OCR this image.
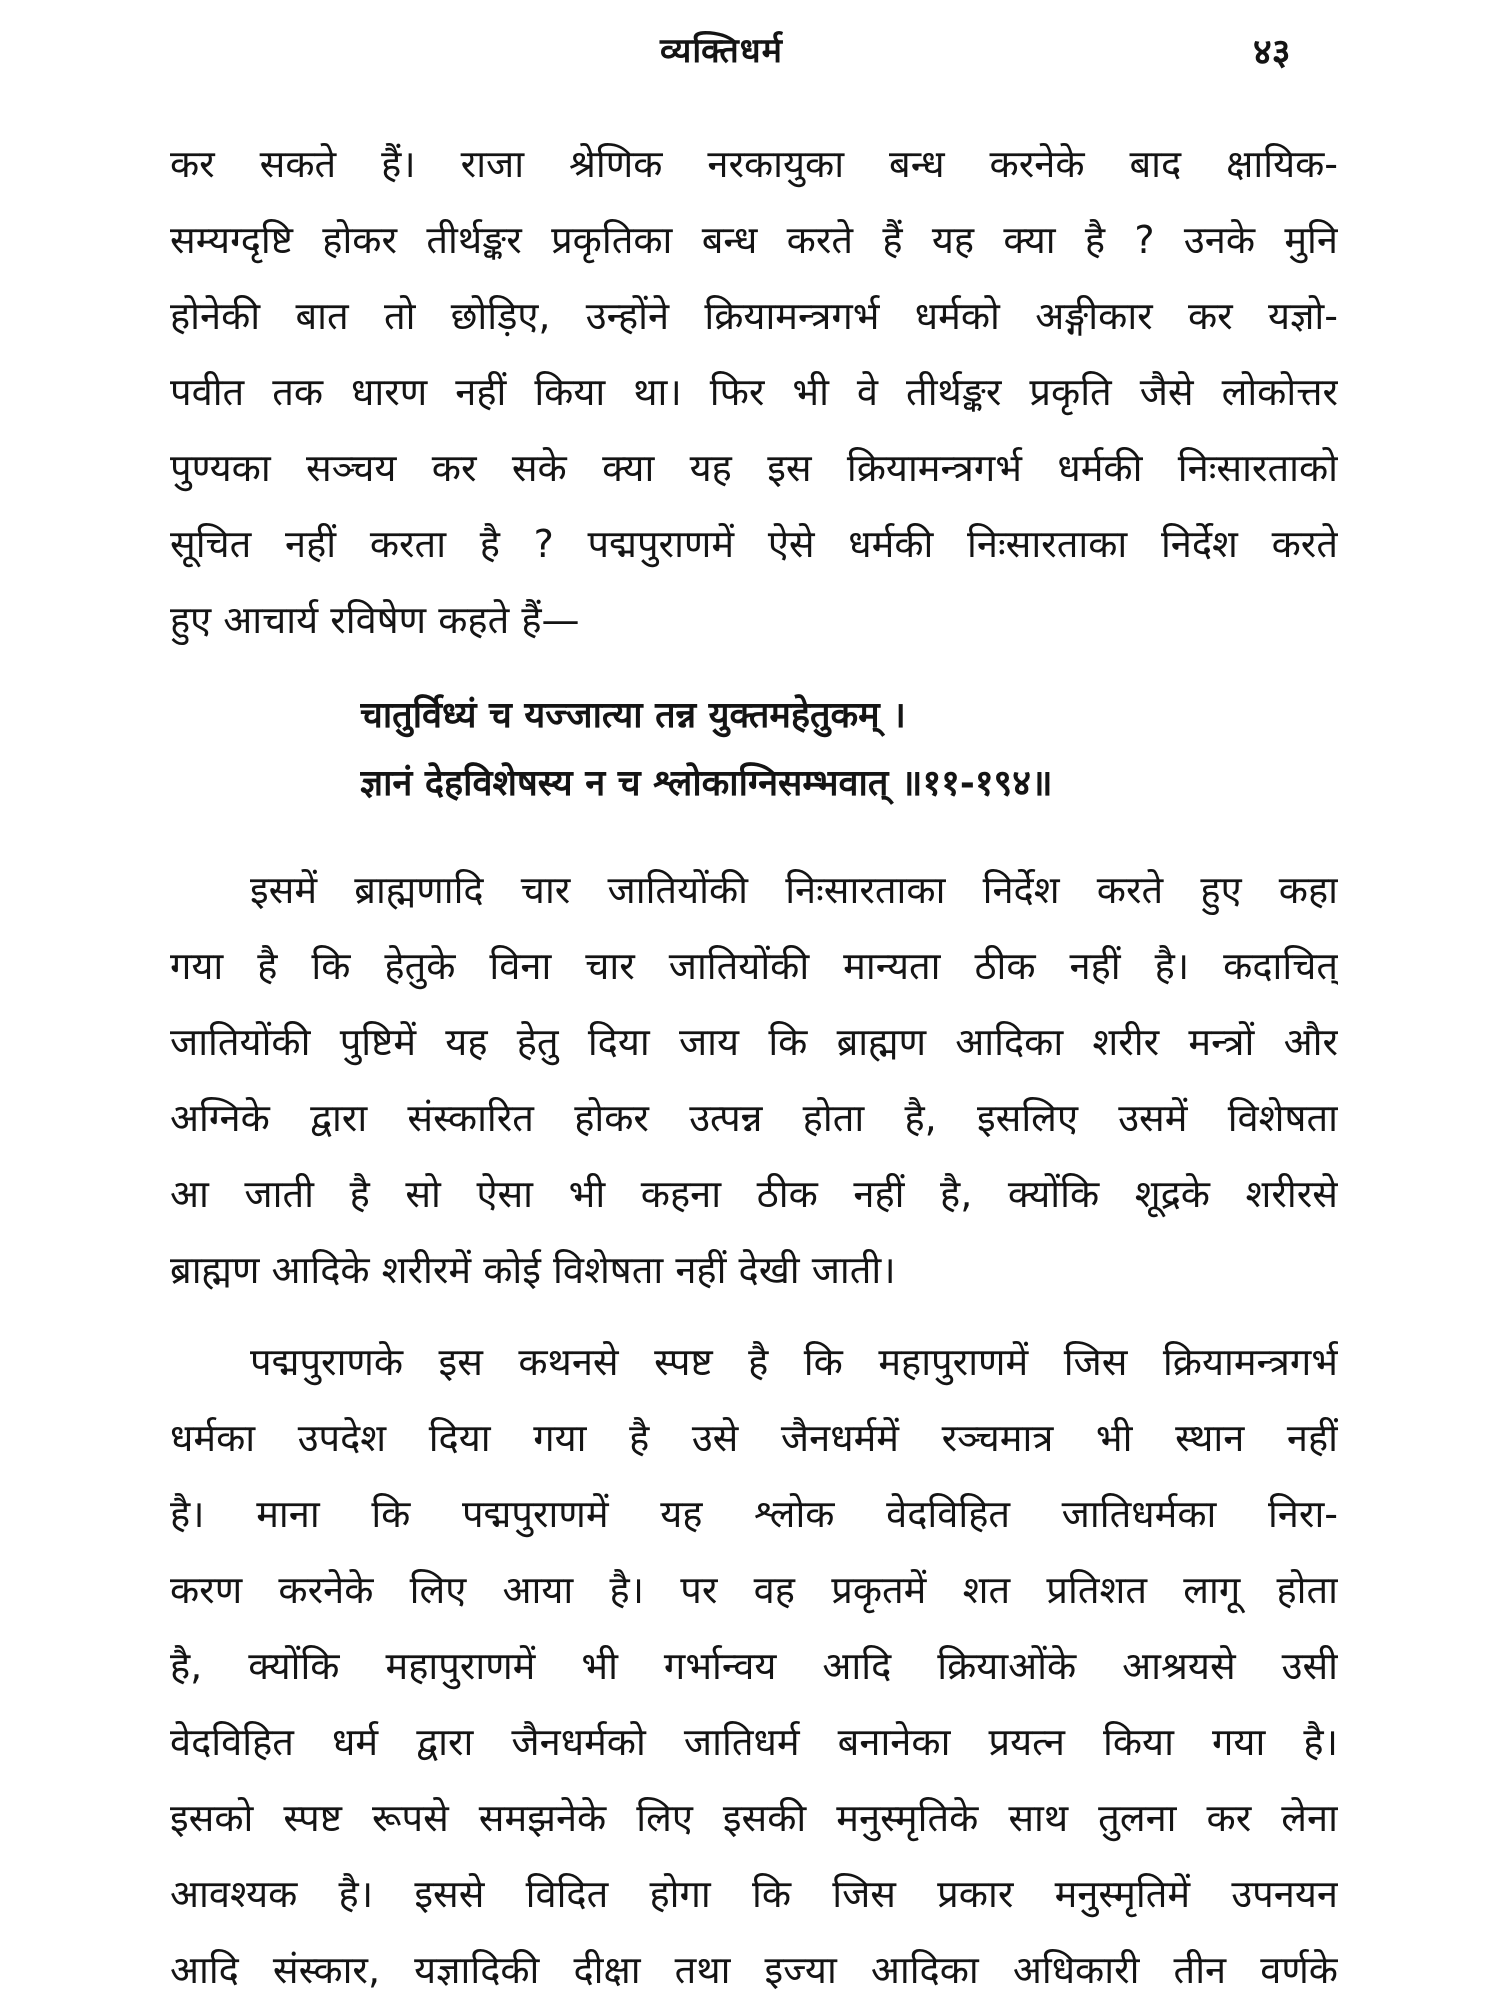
व्यक्तिधर्म	४३
कर सकते हैं। राजा श्रेणिक नरकायुका बन्ध करनेके बाद क्षायिक-
सम्यग्दृष्टि होकर तीर्थङ्कर प्रकृतिका बन्ध करते हैं यह क्या है ? उनके मुनि
होनेकी बात तो छोड़िए, उन्होंने क्रियामन्त्रगर्भ धर्मको अङ्गीकार कर यज्ञो-
पवीत तक धारण नहीं किया था। फिर भी वे तीर्थङ्कर प्रकृति जैसे लोकोत्तर
पुण्यका सञ्चय कर सके क्या यह इस क्रियामन्त्रगर्भ धर्मकी निःसारताको
सूचित नहीं करता है ? पद्मपुराणमें ऐसे धर्मकी निःसारताका निर्देश करते
हुए आचार्य रविषेण कहते हैं—
चातुर्विध्यं च यज्जात्या तन्न युक्तमहेतुकम् ।
ज्ञानं देहविशेषस्य न च श्लोकाग्निसम्भवात् ॥११-१९४॥
इसमें ब्राह्मणादि चार जातियोंकी निःसारताका निर्देश करते हुए कहा
गया है कि हेतुके विना चार जातियोंकी मान्यता ठीक नहीं है। कदाचित्
जातियोंकी पुष्टिमें यह हेतु दिया जाय कि ब्राह्मण आदिका शरीर मन्त्रों और
अग्निके द्वारा संस्कारित होकर उत्पन्न होता है, इसलिए उसमें विशेषता
आ जाती है सो ऐसा भी कहना ठीक नहीं है, क्योंकि शूद्रके शरीरसे
ब्राह्मण आदिके शरीरमें कोई विशेषता नहीं देखी जाती।
पद्मपुराणके इस कथनसे स्पष्ट है कि महापुराणमें जिस क्रियामन्त्रगर्भ
धर्मका उपदेश दिया गया है उसे जैनधर्ममें रञ्चमात्र भी स्थान नहीं
है। माना कि पद्मपुराणमें यह श्लोक वेदविहित जातिधर्मका निरा-
करण करनेके लिए आया है। पर वह प्रकृतमें शत प्रतिशत लागू होता
है, क्योंकि महापुराणमें भी गर्भान्वय आदि क्रियाओंके आश्रयसे उसी
वेदविहित धर्म द्वारा जैनधर्मको जातिधर्म बनानेका प्रयत्न किया गया है।
इसको स्पष्ट रूपसे समझनेके लिए इसकी मनुस्मृतिके साथ तुलना कर लेना
आवश्यक है। इससे विदित होगा कि जिस प्रकार मनुस्मृतिमें उपनयन
आदि संस्कार, यज्ञादिकी दीक्षा तथा इज्या आदिका अधिकारी तीन वर्णके
